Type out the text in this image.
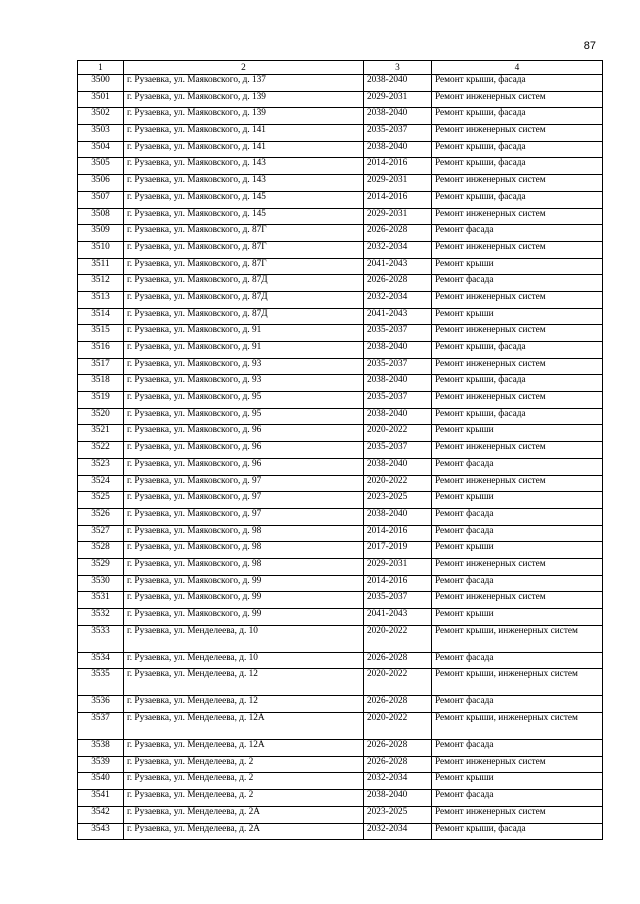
87
1	2	3	4
3500	г. Рузаевка, ул. Маяковского, д. 137	2038-2040	Ремонт крыши, фасада
3501	г. Рузаевка, ул. Маяковского, д. 139	2029-2031	Ремонт инженерных систем
3502	г. Рузаевка, ул. Маяковского, д. 139	2038-2040	Ремонт крыши, фасада
3503	г. Рузаевка, ул. Маяковского, д. 141	2035-2037	Ремонт инженерных систем
3504	г. Рузаевка, ул. Маяковского, д. 141	2038-2040	Ремонт крыши, фасада
3505	г. Рузаевка, ул. Маяковского, д. 143	2014-2016	Ремонт крыши, фасада
3506	г. Рузаевка, ул. Маяковского, д. 143	2029-2031	Ремонт инженерных систем
3507	г. Рузаевка, ул. Маяковского, д. 145	2014-2016	Ремонт крыши, фасада
3508	г. Рузаевка, ул. Маяковского, д. 145	2029-2031	Ремонт инженерных систем
3509	г. Рузаевка, ул. Маяковского, д. 87Г	2026-2028	Ремонт фасада
3510	г. Рузаевка, ул. Маяковского, д. 87Г	2032-2034	Ремонт инженерных систем
3511	г. Рузаевка, ул. Маяковского, д. 87Г	2041-2043	Ремонт крыши
3512	г. Рузаевка, ул. Маяковского, д. 87Д	2026-2028	Ремонт фасада
3513	г. Рузаевка, ул. Маяковского, д. 87Д	2032-2034	Ремонт инженерных систем
3514	г. Рузаевка, ул. Маяковского, д. 87Д	2041-2043	Ремонт крыши
3515	г. Рузаевка, ул. Маяковского, д. 91	2035-2037	Ремонт инженерных систем
3516	г. Рузаевка, ул. Маяковского, д. 91	2038-2040	Ремонт крыши, фасада
3517	г. Рузаевка, ул. Маяковского, д. 93	2035-2037	Ремонт инженерных систем
3518	г. Рузаевка, ул. Маяковского, д. 93	2038-2040	Ремонт крыши, фасада
3519	г. Рузаевка, ул. Маяковского, д. 95	2035-2037	Ремонт инженерных систем
3520	г. Рузаевка, ул. Маяковского, д. 95	2038-2040	Ремонт крыши, фасада
3521	г. Рузаевка, ул. Маяковского, д. 96	2020-2022	Ремонт крыши
3522	г. Рузаевка, ул. Маяковского, д. 96	2035-2037	Ремонт инженерных систем
3523	г. Рузаевка, ул. Маяковского, д. 96	2038-2040	Ремонт фасада
3524	г. Рузаевка, ул. Маяковского, д. 97	2020-2022	Ремонт инженерных систем
3525	г. Рузаевка, ул. Маяковского, д. 97	2023-2025	Ремонт крыши
3526	г. Рузаевка, ул. Маяковского, д. 97	2038-2040	Ремонт фасада
3527	г. Рузаевка, ул. Маяковского, д. 98	2014-2016	Ремонт фасада
3528	г. Рузаевка, ул. Маяковского, д. 98	2017-2019	Ремонт крыши
3529	г. Рузаевка, ул. Маяковского, д. 98	2029-2031	Ремонт инженерных систем
3530	г. Рузаевка, ул. Маяковского, д. 99	2014-2016	Ремонт фасада
3531	г. Рузаевка, ул. Маяковского, д. 99	2035-2037	Ремонт инженерных систем
3532	г. Рузаевка, ул. Маяковского, д. 99	2041-2043	Ремонт крыши
3533	г. Рузаевка, ул. Менделеева, д. 10	2020-2022	Ремонт крыши, инженерных систем
3534	г. Рузаевка, ул. Менделеева, д. 10	2026-2028	Ремонт фасада
3535	г. Рузаевка, ул. Менделеева, д. 12	2020-2022	Ремонт крыши, инженерных систем
3536	г. Рузаевка, ул. Менделеева, д. 12	2026-2028	Ремонт фасада
3537	г. Рузаевка, ул. Менделеева, д. 12А	2020-2022	Ремонт крыши, инженерных систем
3538	г. Рузаевка, ул. Менделеева, д. 12А	2026-2028	Ремонт фасада
3539	г. Рузаевка, ул. Менделеева, д. 2	2026-2028	Ремонт инженерных систем
3540	г. Рузаевка, ул. Менделеева, д. 2	2032-2034	Ремонт крыши
3541	г. Рузаевка, ул. Менделеева, д. 2	2038-2040	Ремонт фасада
3542	г. Рузаевка, ул. Менделеева, д. 2А	2023-2025	Ремонт инженерных систем
3543	г. Рузаевка, ул. Менделеева, д. 2А	2032-2034	Ремонт крыши, фасада
